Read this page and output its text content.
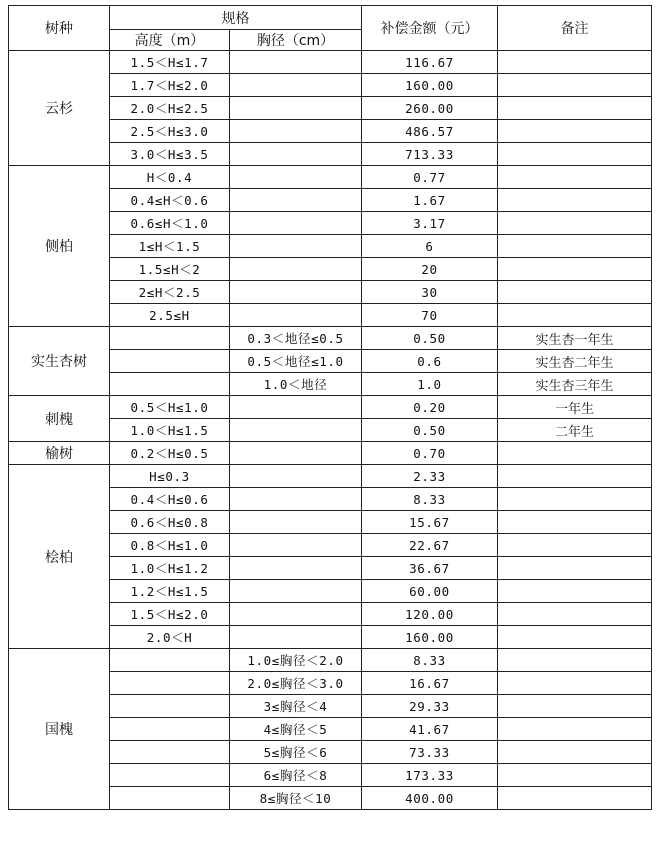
树种	规格		补偿金额（元）	备注
	高度（m）	胸径（cm）		
云杉	1.5＜H≤1.7		116.67	
	1.7＜H≤2.0		160.00	
	2.0＜H≤2.5		260.00	
	2.5＜H≤3.0		486.57	
	3.0＜H≤3.5		713.33	
侧柏	H＜0.4		0.77	
	0.4≤H＜0.6		1.67	
	0.6≤H＜1.0		3.17	
	1≤H＜1.5		6	
	1.5≤H＜2		20	
	2≤H＜2.5		30	
	2.5≤H		70	
实生杏树		0.3＜地径≤0.5	0.50	实生杏一年生
		0.5＜地径≤1.0	0.6	实生杏二年生
		1.0＜地径	1.0	实生杏三年生
刺槐	0.5＜H≤1.0		0.20	一年生
	1.0＜H≤1.5		0.50	二年生
榆树	0.2＜H≤0.5		0.70	
桧柏	H≤0.3		2.33	
	0.4＜H≤0.6		8.33	
	0.6＜H≤0.8		15.67	
	0.8＜H≤1.0		22.67	
	1.0＜H≤1.2		36.67	
	1.2＜H≤1.5		60.00	
	1.5＜H≤2.0		120.00	
	2.0＜H		160.00	
国槐		1.0≤胸径＜2.0	8.33	
		2.0≤胸径＜3.0	16.67	
		3≤胸径＜4	29.33	
		4≤胸径＜5	41.67	
		5≤胸径＜6	73.33	
		6≤胸径＜8	173.33	
		8≤胸径＜10	400.00	
